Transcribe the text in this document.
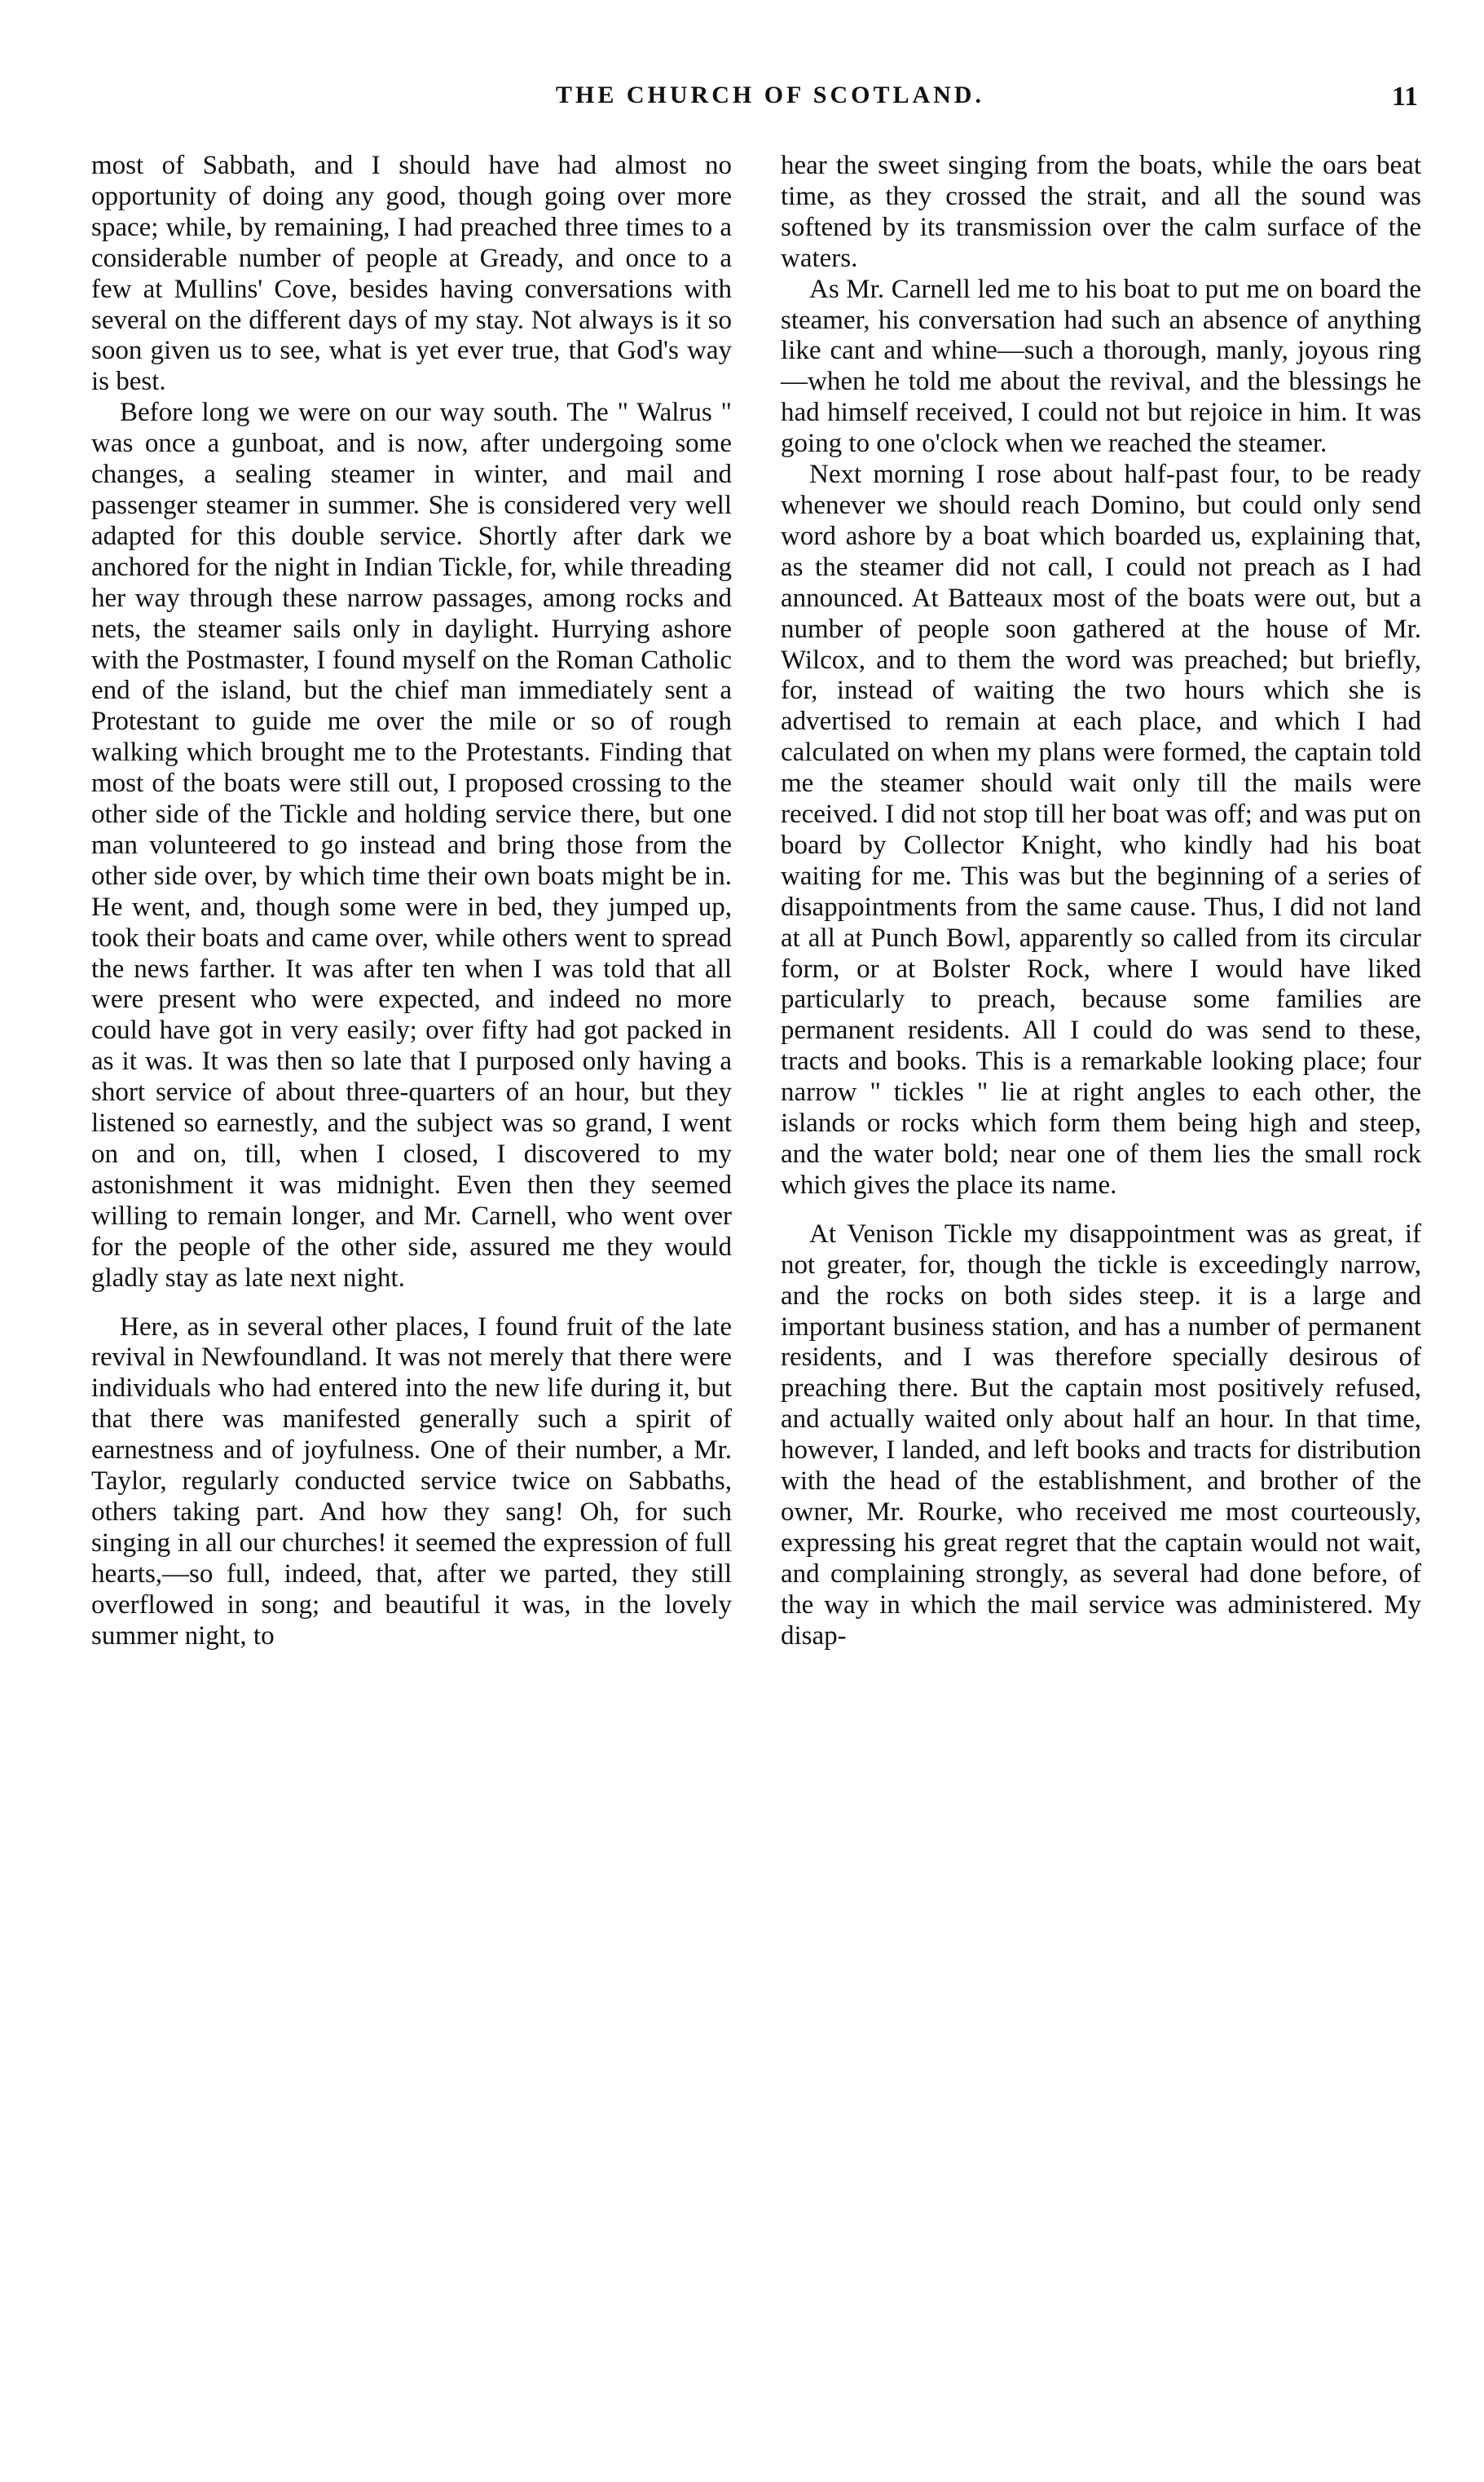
THE CHURCH OF SCOTLAND.	11

most of Sabbath, and I should have had almost no opportunity of doing any good, though going over more space; while, by remaining, I had preached three times to a considerable number of people at Gready, and once to a few at Mullins' Cove, besides having conversations with several on the different days of my stay. Not always is it so soon given us to see, what is yet ever true, that God's way is best.

Before long we were on our way south. The " Walrus " was once a gunboat, and is now, after undergoing some changes, a sealing steamer in winter, and mail and passenger steamer in summer. She is considered very well adapted for this double service. Shortly after dark we anchored for the night in Indian Tickle, for, while threading her way through these narrow passages, among rocks and nets, the steamer sails only in daylight. Hurrying ashore with the Postmaster, I found myself on the Roman Catholic end of the island, but the chief man immediately sent a Protestant to guide me over the mile or so of rough walking which brought me to the Protestants. Finding that most of the boats were still out, I proposed crossing to the other side of the Tickle and holding service there, but one man volunteered to go instead and bring those from the other side over, by which time their own boats might be in. He went, and, though some were in bed, they jumped up, took their boats and came over, while others went to spread the news farther. It was after ten when I was told that all were present who were expected, and indeed no more could have got in very easily; over fifty had got packed in as it was. It was then so late that I purposed only having a short service of about three-quarters of an hour, but they listened so earnestly, and the subject was so grand, I went on and on, till, when I closed, I discovered to my astonishment it was midnight. Even then they seemed willing to remain longer, and Mr. Carnell, who went over for the people of the other side, assured me they would gladly stay as late next night.

Here, as in several other places, I found fruit of the late revival in Newfoundland. It was not merely that there were individuals who had entered into the new life during it, but that there was manifested generally such a spirit of earnestness and of joyfulness. One of their number, a Mr. Taylor, regularly conducted service twice on Sabbaths, others taking part. And how they sang! Oh, for such singing in all our churches! it seemed the expression of full hearts,—so full, indeed, that, after we parted, they still overflowed in song; and beautiful it was, in the lovely summer night, to

hear the sweet singing from the boats, while the oars beat time, as they crossed the strait, and all the sound was softened by its transmission over the calm surface of the waters.

As Mr. Carnell led me to his boat to put me on board the steamer, his conversation had such an absence of anything like cant and whine—such a thorough, manly, joyous ring—when he told me about the revival, and the blessings he had himself received, I could not but rejoice in him. It was going to one o'clock when we reached the steamer.

Next morning I rose about half-past four, to be ready whenever we should reach Domino, but could only send word ashore by a boat which boarded us, explaining that, as the steamer did not call, I could not preach as I had announced. At Batteaux most of the boats were out, but a number of people soon gathered at the house of Mr. Wilcox, and to them the word was preached; but briefly, for, instead of waiting the two hours which she is advertised to remain at each place, and which I had calculated on when my plans were formed, the captain told me the steamer should wait only till the mails were received. I did not stop till her boat was off; and was put on board by Collector Knight, who kindly had his boat waiting for me. This was but the beginning of a series of disappointments from the same cause. Thus, I did not land at all at Punch Bowl, apparently so called from its circular form, or at Bolster Rock, where I would have liked particularly to preach, because some families are permanent residents. All I could do was send to these, tracts and books. This is a remarkable looking place; four narrow " tickles " lie at right angles to each other, the islands or rocks which form them being high and steep, and the water bold; near one of them lies the small rock which gives the place its name.

At Venison Tickle my disappointment was as great, if not greater, for, though the tickle is exceedingly narrow, and the rocks on both sides steep. it is a large and important business station, and has a number of permanent residents, and I was therefore specially desirous of preaching there. But the captain most positively refused, and actually waited only about half an hour. In that time, however, I landed, and left books and tracts for distribution with the head of the establishment, and brother of the owner, Mr. Rourke, who received me most courteously, expressing his great regret that the captain would not wait, and complaining strongly, as several had done before, of the way in which the mail service was administered. My disap-
